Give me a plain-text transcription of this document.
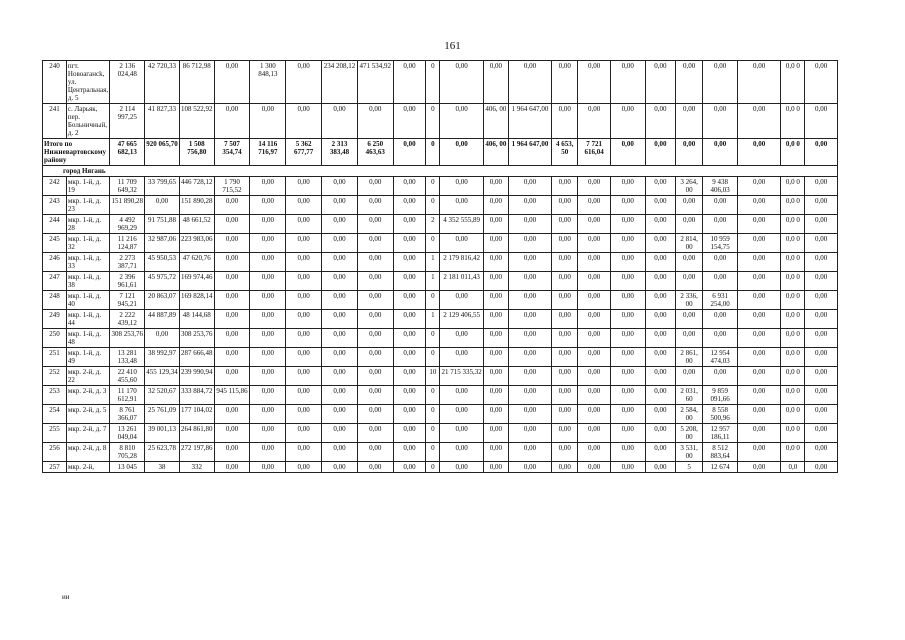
161
240	пгт. Новоагансk, ул. Центральная, д. 5	2 136 024,48	42 720,33	86 712,98	0,00	1 300 848,13	0,00	234 208,12	471 534,92	0,00	0	0,00	0,00	0,00	0,00	0,00	0,00	0,00	0,00	0,00	0,00	0,0 0	0,00
241	с. Ларьяк, пер. Больничный, д. 2	2 114 997,25	41 827,33	108 522,92	0,00	0,00	0,00	0,00	0,00	0,00	0	0,00	406, 00	1 964 647,00	0,00	0,00	0,00	0,00	0,00	0,00	0,00	0,0 0	0,00
Итого по Нижневартовскому району		47 665 682,13	920 065,70	1 508 756,80	7 507 354,74	14 116 716,97	5 362 677,77	2 313 383,48	6 250 463,63	0,00	0	0,00	406, 00	1 964 647,00	4 653, 50	7 721 616,04	0,00	0,00	0,00	0,00	0,00	0,0 0	0,00
город Нягань																							
242	мкр. 1-й, д. 19	11 709 649,32	33 799,65	446 728,12	1 790 715,52	0,00	0,00	0,00	0,00	0,00	0	0,00	0,00	0,00	0,00	0,00	0,00	0,00	3 264, 00	9 438 406,03	0,00	0,0 0	0,00
243	мкр. 1-й, д. 23	151 890,28	0,00	151 890,28	0,00	0,00	0,00	0,00	0,00	0,00	0	0,00	0,00	0,00	0,00	0,00	0,00	0,00	0,00	0,00	0,00	0,0 0	0,00
244	мкр. 1-й, д. 28	4 492 969,29	91 751,88	48 661,52	0,00	0,00	0,00	0,00	0,00	0,00	2	4 352 555,89	0,00	0,00	0,00	0,00	0,00	0,00	0,00	0,00	0,00	0,0 0	0,00
245	мкр. 1-й, д. 32	11 216 124,87	32 987,06	223 983,06	0,00	0,00	0,00	0,00	0,00	0,00	0	0,00	0,00	0,00	0,00	0,00	0,00	0,00	2 814, 00	10 959 154,75	0,00	0,0 0	0,00
246	мкр. 1-й, д. 33	2 273 387,71	45 950,53	47 620,76	0,00	0,00	0,00	0,00	0,00	0,00	1	2 179 816,42	0,00	0,00	0,00	0,00	0,00	0,00	0,00	0,00	0,00	0,0 0	0,00
247	мкр. 1-й, д. 38	2 396 961,61	45 975,72	169 974,46	0,00	0,00	0,00	0,00	0,00	0,00	1	2 181 011,43	0,00	0,00	0,00	0,00	0,00	0,00	0,00	0,00	0,00	0,0 0	0,00
248	мкр. 1-й, д. 40	7 121 945,21	20 863,07	169 828,14	0,00	0,00	0,00	0,00	0,00	0,00	0	0,00	0,00	0,00	0,00	0,00	0,00	0,00	2 336, 00	6 931 254,00	0,00	0,0 0	0,00
249	мкр. 1-й, д. 44	2 222 439,12	44 887,89	48 144,68	0,00	0,00	0,00	0,00	0,00	0,00	1	2 129 406,55	0,00	0,00	0,00	0,00	0,00	0,00	0,00	0,00	0,00	0,0 0	0,00
250	мкр. 1-й, д. 48	308 253,76	0,00	308 253,76	0,00	0,00	0,00	0,00	0,00	0,00	0	0,00	0,00	0,00	0,00	0,00	0,00	0,00	0,00	0,00	0,00	0,0 0	0,00
251	мкр. 1-й, д. 49	13 281 133,48	38 992,97	287 666,48	0,00	0,00	0,00	0,00	0,00	0,00	0	0,00	0,00	0,00	0,00	0,00	0,00	0,00	2 861, 00	12 954 474,03	0,00	0,0 0	0,00
252	мкр. 2-й, д. 22	22 410 455,60	455 129,34	239 990,94	0,00	0,00	0,00	0,00	0,00	0,00	10	21 715 335,32	0,00	0,00	0,00	0,00	0,00	0,00	0,00	0,00	0,00	0,0 0	0,00
253	мкр. 2-й, д. 3	11 170 612,91	32 520,67	333 884,72	945 115,86	0,00	0,00	0,00	0,00	0,00	0	0,00	0,00	0,00	0,00	0,00	0,00	0,00	2 031, 60	9 859 091,66	0,00	0,0 0	0,00
254	мкр. 2-й, д. 5	8 761 366,07	25 761,09	177 104,02	0,00	0,00	0,00	0,00	0,00	0,00	0	0,00	0,00	0,00	0,00	0,00	0,00	0,00	2 584, 00	8 558 500,96	0,00	0,0 0	0,00
255	мкр. 2-й, д. 7	13 261 049,04	39 001,13	264 861,80	0,00	0,00	0,00	0,00	0,00	0,00	0	0,00	0,00	0,00	0,00	0,00	0,00	0,00	5 208, 00	12 957 186,11	0,00	0,0 0	0,00
256	мкр. 2-й, д. 8	8 810 705,28	25 623,78	272 197,86	0,00	0,00	0,00	0,00	0,00	0,00	0	0,00	0,00	0,00	0,00	0,00	0,00	0,00	3 531, 00	8 512 883,64	0,00	0,0 0	0,00
257	мкр. 2-й,	13 045	38	332	0,00	0,00	0,00	0,00	0,00	0,00	0	0,00	0,00	0,00	0,00	0,00	0,00	0,00	5	12 674	0,00	0,0	0,00
ии
